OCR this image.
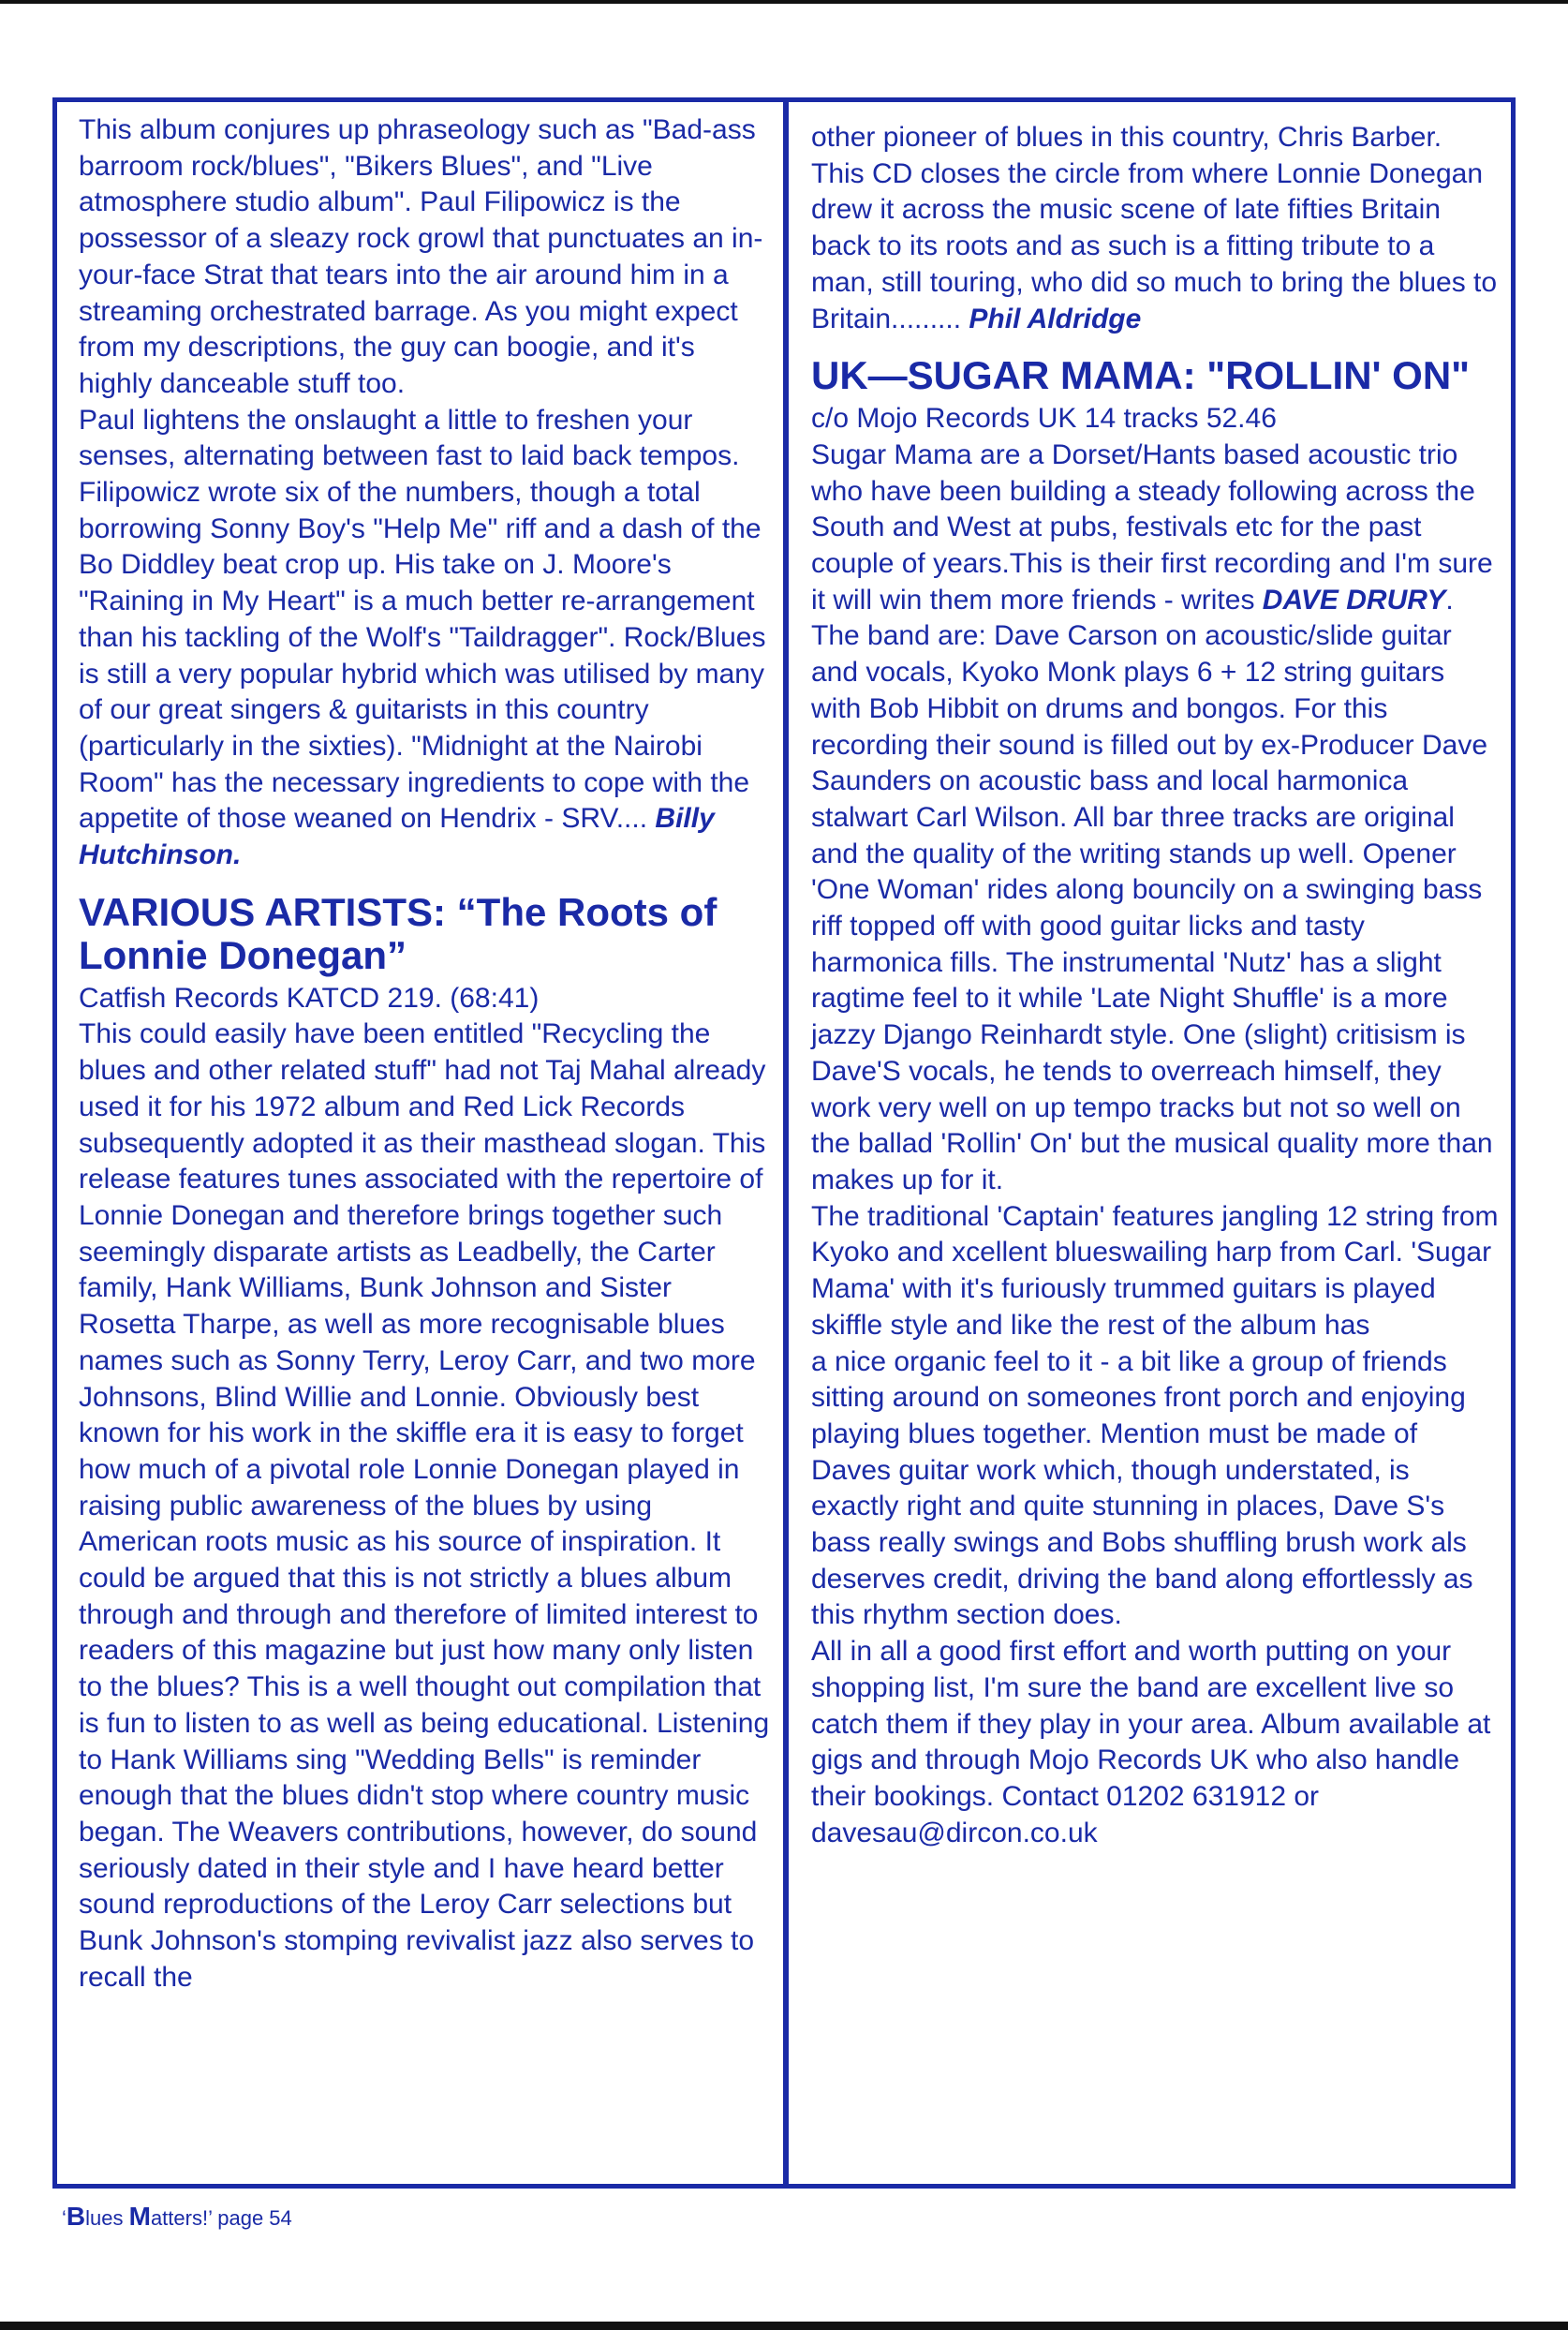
This album conjures up phraseology such as "Bad-ass barroom rock/blues", "Bikers Blues", and "Live atmosphere studio album". Paul Filipowicz is the possessor of a sleazy rock growl that punctuates an in-your-face Strat that tears into the air around him in a streaming orchestrated barrage. As you might expect from my descriptions, the guy can boogie, and it's highly danceable stuff too.

Paul lightens the onslaught a little to freshen your senses, alternating between fast to laid back tempos. Filipowicz wrote six of the numbers, though a total borrowing Sonny Boy's "Help Me" riff and a dash of the Bo Diddley beat crop up. His take on J. Moore's "Raining in My Heart" is a much better re-arrangement than his tackling of the Wolf's "Taildragger". Rock/Blues is still a very popular hybrid which was utilised by many of our great singers & guitarists in this country (particularly in the sixties). "Midnight at the Nairobi Room" has the necessary ingredients to cope with the appetite of those weaned on Hendrix - SRV.... Billy Hutchinson.

VARIOUS ARTISTS: “The Roots of Lonnie Donegan”

Catfish Records KATCD 219. (68:41)

This could easily have been entitled "Recycling the blues and other related stuff" had not Taj Mahal already used it for his 1972 album and Red Lick Records subsequently adopted it as their masthead slogan. This release features tunes associated with the repertoire of Lonnie Donegan and therefore brings together such seemingly disparate artists as Leadbelly, the Carter family, Hank Williams, Bunk Johnson and Sister Rosetta Tharpe, as well as more recognisable blues names such as Sonny Terry, Leroy Carr, and two more Johnsons, Blind Willie and Lonnie. Obviously best known for his work in the skiffle era it is easy to forget how much of a pivotal role Lonnie Donegan played in raising public awareness of the blues by using American roots music as his source of inspiration. It could be argued that this is not strictly a blues album through and through and therefore of limited interest to readers of this magazine but just how many only listen to the blues? This is a well thought out compilation that is fun to listen to as well as being educational. Listening to Hank Williams sing "Wedding Bells" is reminder enough that the blues didn't stop where country music began. The Weavers contributions, however, do sound seriously dated in their style and I have heard better sound reproductions of the Leroy Carr selections but Bunk Johnson's stomping revivalist jazz also serves to recall the

other pioneer of blues in this country, Chris Barber. This CD closes the circle from where Lonnie Donegan drew it across the music scene of late fifties Britain back to its roots and as such is a fitting tribute to a man, still touring, who did so much to bring the blues to Britain......... Phil Aldridge

UK—SUGAR MAMA: "ROLLIN' ON"

c/o Mojo Records UK 14 tracks 52.46

Sugar Mama are a Dorset/Hants based acoustic trio who have been building a steady following across the South and West at pubs, festivals etc for the past couple of years.This is their first recording and I'm sure it will win them more friends - writes DAVE DRURY.

The band are: Dave Carson on acoustic/slide guitar and vocals, Kyoko Monk plays 6 + 12 string guitars with Bob Hibbit on drums and bongos. For this recording their sound is filled out by ex-Producer Dave Saunders on acoustic bass and local harmonica stalwart Carl Wilson. All bar three tracks are original and the quality of the writing stands up well. Opener 'One Woman' rides along bouncily on a swinging bass riff topped off with good guitar licks and tasty harmonica fills. The instrumental 'Nutz' has a slight ragtime feel to it while 'Late Night Shuffle' is a more jazzy Django Reinhardt style. One (slight) critisism is Dave'S vocals, he tends to overreach himself, they work very well on up tempo tracks but not so well on the ballad 'Rollin' On' but the musical quality more than makes up for it.

The traditional 'Captain' features jangling 12 string from Kyoko and xcellent blueswailing harp from Carl. 'Sugar Mama' with it's furiously trummed guitars is played skiffle style and like the rest of the album has

a nice organic feel to it - a bit like a group of friends sitting around on someones front porch and enjoying playing blues together. Mention must be made of Daves guitar work which, though understated, is exactly right and quite stunning in places, Dave S's bass really swings and Bobs shuffling brush work als deserves credit, driving the band along effortlessly as this rhythm section does.

All in all a good first effort and worth putting on your shopping list, I'm sure the band are excellent live so catch them if they play in your area. Album available at gigs and through Mojo Records UK who also handle their bookings. Contact 01202 631912 or davesau@dircon.co.uk

‘Blues Matters!’ page 54
